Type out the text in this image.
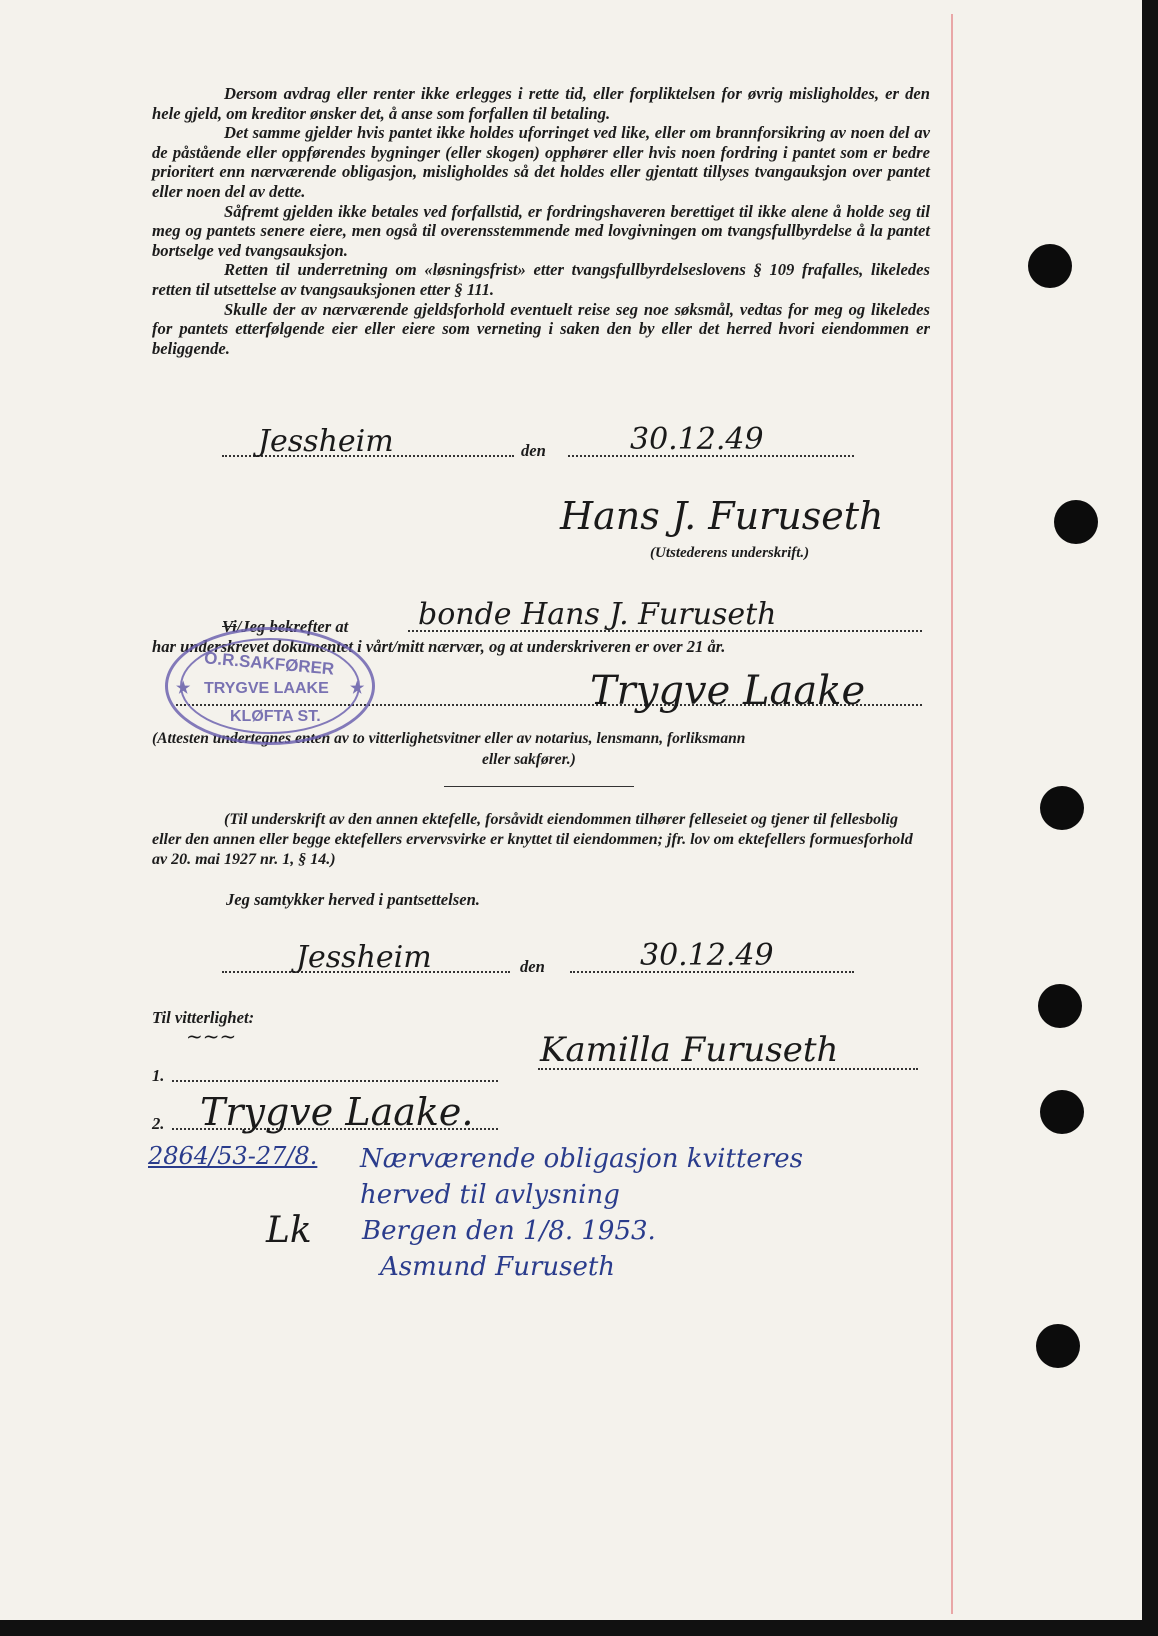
Dersom avdrag eller renter ikke erlegges i rette tid, eller forpliktelsen for øvrig misligholdes, er den hele gjeld, om kreditor ønsker det, å anse som forfallen til betaling.

Det samme gjelder hvis pantet ikke holdes uforringet ved like, eller om brannforsikring av noen del av de påstående eller oppførendes bygninger (eller skogen) opphører eller hvis noen fordring i pantet som er bedre prioritert enn nærværende obligasjon, misligholdes så det holdes eller gjentatt tillyses tvangauksjon over pantet eller noen del av dette.

Såfremt gjelden ikke betales ved forfallstid, er fordringshaveren berettiget til ikke alene å holde seg til meg og pantets senere eiere, men også til overensstemmende med lovgivningen om tvangsfullbyrdelse å la pantet bortselge ved tvangsauksjon.

Retten til underretning om «løsningsfrist» etter tvangsfullbyrdelseslovens § 109 frafalles, likeledes retten til utsettelse av tvangsauksjonen etter § 111.

Skulle der av nærværende gjeldsforhold eventuelt reise seg noe søksmål, vedtas for meg og likeledes for pantets etterfølgende eier eller eiere som verneting i saken den by eller det herred hvori eiendommen er beliggende.

Jessheim	den	30.12.49
Hans J. Furuseth
(Utstederens underskrift.)
Vi/Jeg bekrefter at bonde Hans J. Furuseth
har underskrevet dokumentet i vårt/mitt nærvær, og at underskriveren er over 21 år.
Trygve Laake
(Attesten undertegnes enten av to vitterlighetsvitner eller av notarius, lensmann, forliksmann
eller sakfører.)
O.R.SAKFØRER
★ TRYGVE LAAKE ★
KLØFTA ST.
(Til underskrift av den annen ektefelle, forsåvidt eiendommen tilhører felleseiet og tjener til fellesbolig eller den annen eller begge ektefellers ervervsvirke er knyttet til eiendommen; jfr. lov om ektefellers formuesforhold av 20. mai 1927 nr. 1, § 14.)
Jeg samtykker herved i pantsettelsen.
Jessheim	den	30.12.49
Til vitterlighet:
~~~	Kamilla Furuseth
1.
2. Trygve Laake.
2864/53-27/8. Nærværende obligasjon kvitteres
herved til avlysning
Bergen den 1/8. 1953.
Asmund Furuseth
Lk
